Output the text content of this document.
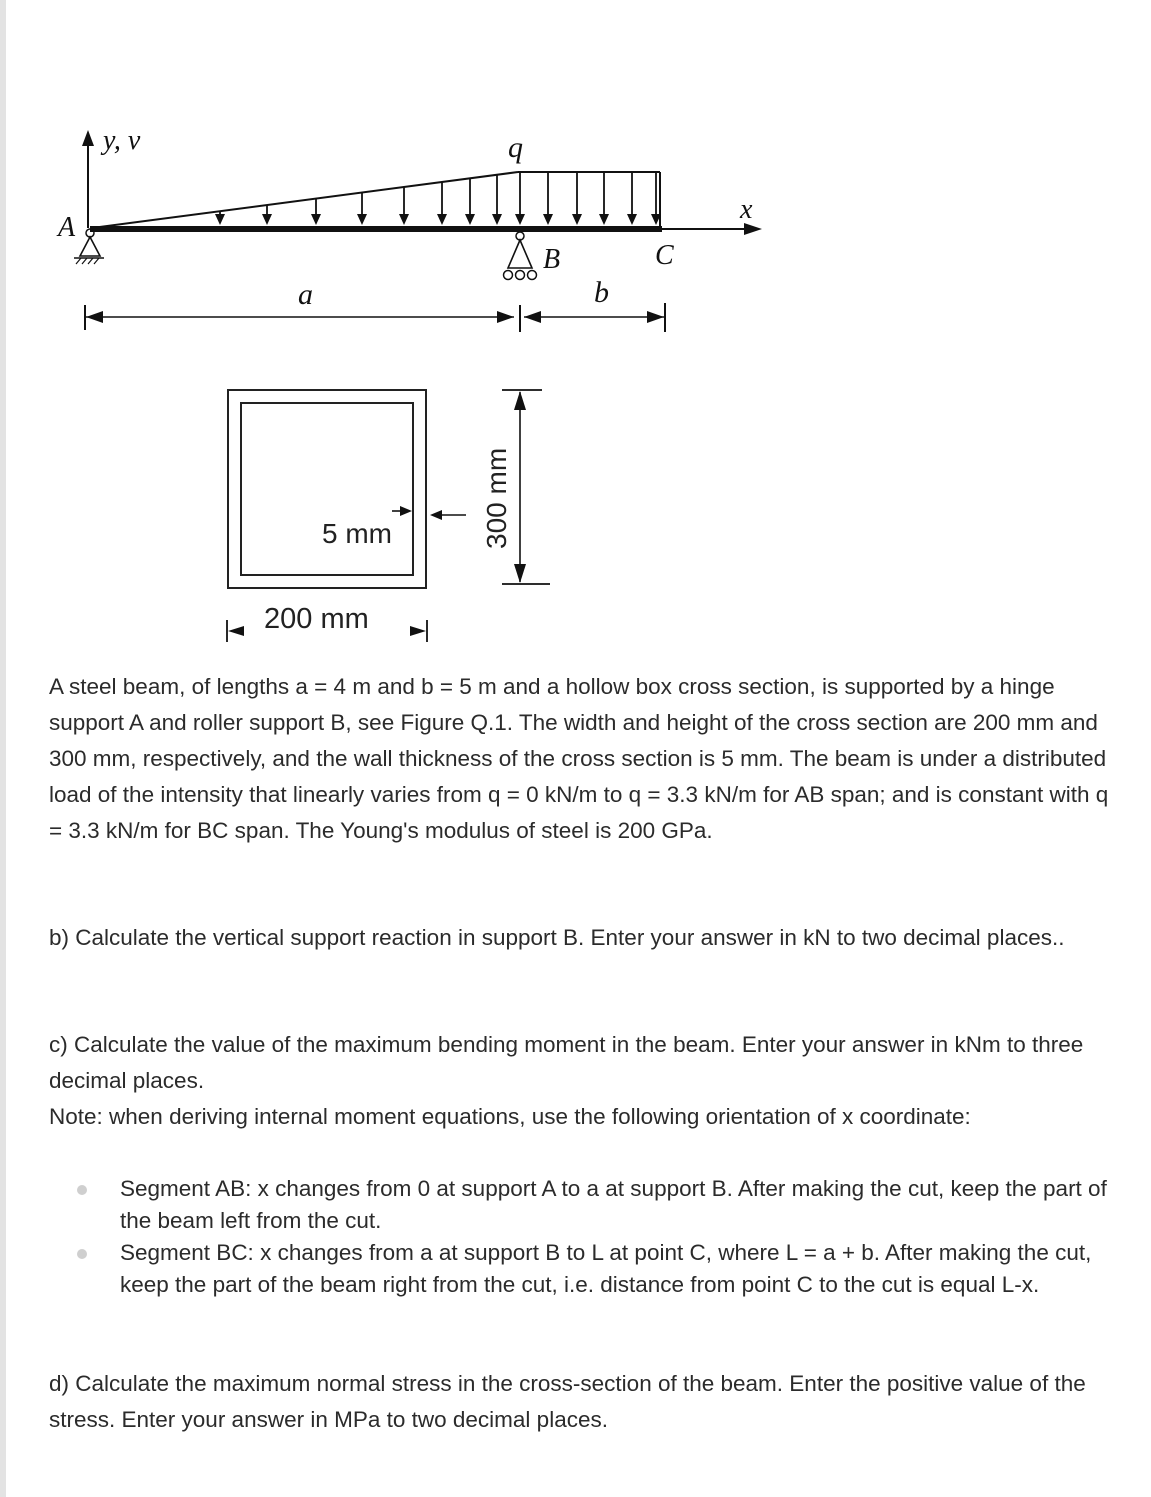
y, v	q
x
A
B	C
a	b
5 mm	300 mm
200 mm

A steel beam, of lengths a = 4 m and b = 5 m and a hollow box cross section, is supported by a hinge support A and roller support B, see Figure Q.1. The width and height of the cross section are 200 mm and 300 mm, respectively, and the wall thickness of the cross section is 5 mm. The beam is under a distributed load of the intensity that linearly varies from q = 0 kN/m to q = 3.3 kN/m for AB span; and is constant with q = 3.3 kN/m for BC span. The Young's modulus of steel is 200 GPa.

b) Calculate the vertical support reaction in support B. Enter your answer in kN to two decimal places..

c) Calculate the value of the maximum bending moment in the beam. Enter your answer in kNm to three decimal places.

Note: when deriving internal moment equations, use the following orientation of x coordinate:

Segment AB: x changes from 0 at support A to a at support B. After making the cut, keep the part of the beam left from the cut.
Segment BC: x changes from a at support B to L at point C, where L = a + b. After making the cut, keep the part of the beam right from the cut, i.e. distance from point C to the cut is equal L-x.

d) Calculate the maximum normal stress in the cross-section of the beam. Enter the positive value of the stress. Enter your answer in MPa to two decimal places.
